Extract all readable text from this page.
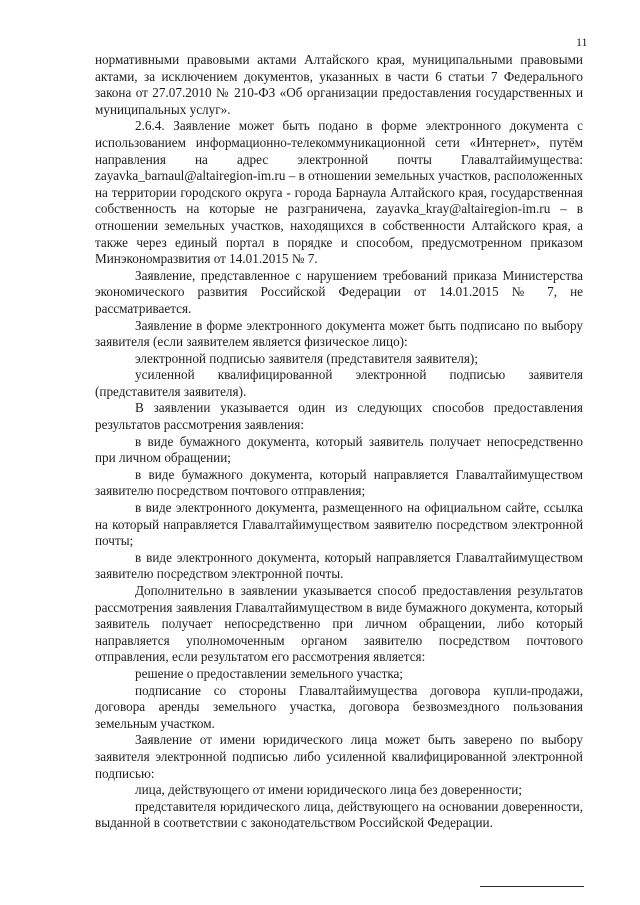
11

нормативными правовыми актами Алтайского края, муниципальными правовыми актами, за исключением документов, указанных в части 6 статьи 7 Федерального закона от 27.07.2010 № 210-ФЗ «Об организации предоставления государственных и муниципальных услуг».

2.6.4. Заявление может быть подано в форме электронного документа с использованием информационно-телекоммуникационной сети «Интернет», путём направления на адрес электронной почты Главалтайимущества: zayavka_barnaul@altairegion-im.ru – в отношении земельных участков, расположенных на территории городского округа - города Барнаула Алтайского края, государственная собственность на которые не разграничена, zayavka_kray@altairegion-im.ru – в отношении земельных участков, находящихся в собственности Алтайского края, а также через единый портал в порядке и способом, предусмотренном приказом Минэкономразвития от 14.01.2015 № 7.

Заявление, представленное с нарушением требований приказа Министерства экономического развития Российской Федерации от 14.01.2015 № 7, не рассматривается.

Заявление в форме электронного документа может быть подписано по выбору заявителя (если заявителем является физическое лицо):

электронной подписью заявителя (представителя заявителя);

усиленной квалифицированной электронной подписью заявителя (представителя заявителя).

В заявлении указывается один из следующих способов предоставления результатов рассмотрения заявления:

в виде бумажного документа, который заявитель получает непосредственно при личном обращении;

в виде бумажного документа, который направляется Главалтайимуществом заявителю посредством почтового отправления;

в виде электронного документа, размещенного на официальном сайте, ссылка на который направляется Главалтайимуществом заявителю посредством электронной почты;

в виде электронного документа, который направляется Главалтайимуществом заявителю посредством электронной почты.

Дополнительно в заявлении указывается способ предоставления результатов рассмотрения заявления Главалтайимуществом в виде бумажного документа, который заявитель получает непосредственно при личном обращении, либо который направляется уполномоченным органом заявителю посредством почтового отправления, если результатом его рассмотрения является:

решение о предоставлении земельного участка;

подписание со стороны Главалтайимущества договора купли-продажи, договора аренды земельного участка, договора безвозмездного пользования земельным участком.

Заявление от имени юридического лица может быть заверено по выбору заявителя электронной подписью либо усиленной квалифицированной электронной подписью:

лица, действующего от имени юридического лица без доверенности;

представителя юридического лица, действующего на основании доверенности, выданной в соответствии с законодательством Российской Федерации.
